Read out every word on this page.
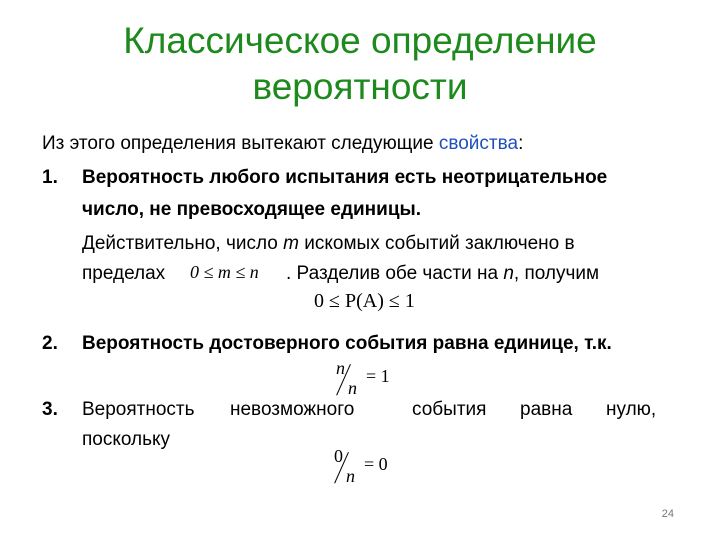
Классическое определение
вероятности
Из этого определения вытекают следующие свойства:
1. Вероятность любого испытания есть неотрицательное
число, не превосходящее единицы.
Действительно, число m искомых событий заключено в
пределах 0 ≤ m ≤ n . Разделив обе части на n, получим
0 ≤ P(A) ≤ 1
2. Вероятность достоверного события равна единице, т.к.
n
n
= 1
3. Вероятность невозможного	события равна нулю,
поскольку
0
n
= 0
24
